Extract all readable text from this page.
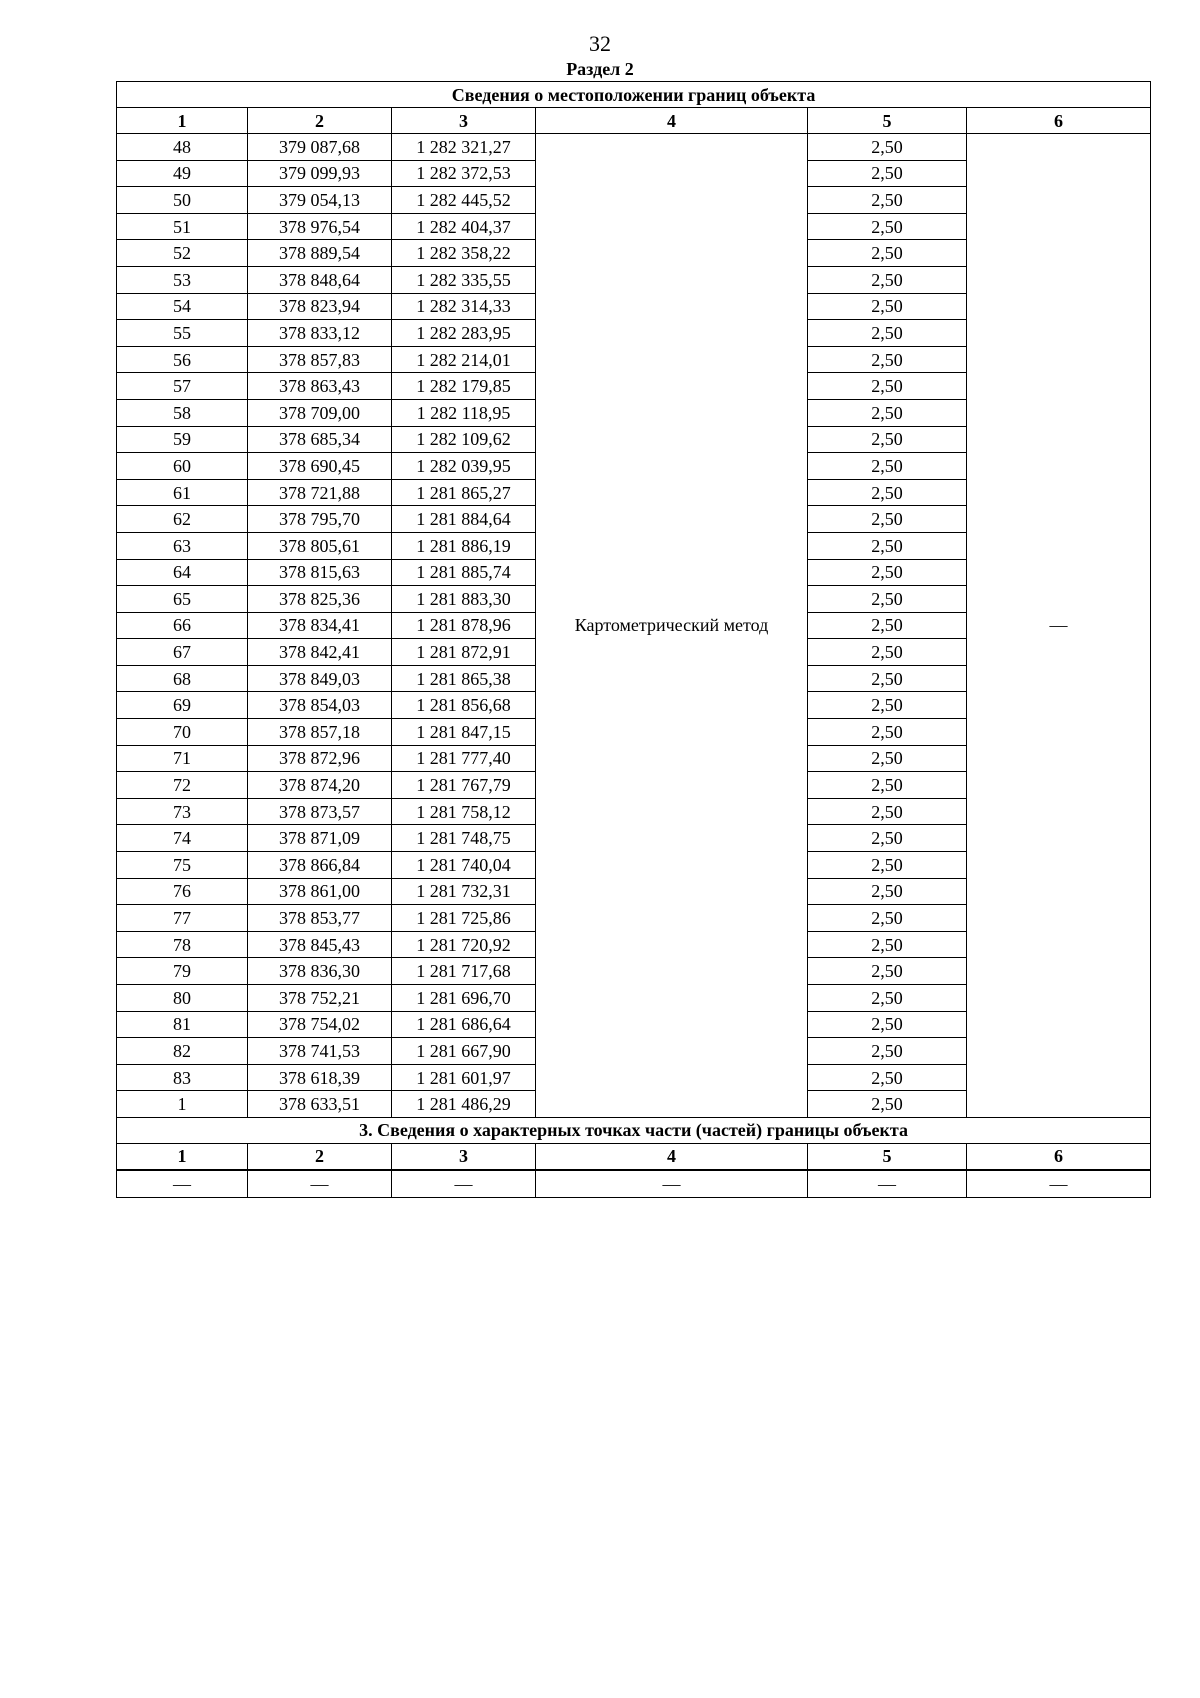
32
Раздел 2
Сведения о местоположении границ объекта					
1	2	3	4	5	6
48	379 087,68	1 282 321,27	Картометрический метод	2,50	—
49	379 099,93	1 282 372,53		2,50	
50	379 054,13	1 282 445,52		2,50	
51	378 976,54	1 282 404,37		2,50	
52	378 889,54	1 282 358,22		2,50	
53	378 848,64	1 282 335,55		2,50	
54	378 823,94	1 282 314,33		2,50	
55	378 833,12	1 282 283,95		2,50	
56	378 857,83	1 282 214,01		2,50	
57	378 863,43	1 282 179,85		2,50	
58	378 709,00	1 282 118,95		2,50	
59	378 685,34	1 282 109,62		2,50	
60	378 690,45	1 282 039,95		2,50	
61	378 721,88	1 281 865,27		2,50	
62	378 795,70	1 281 884,64		2,50	
63	378 805,61	1 281 886,19		2,50	
64	378 815,63	1 281 885,74		2,50	
65	378 825,36	1 281 883,30		2,50	
66	378 834,41	1 281 878,96		2,50	
67	378 842,41	1 281 872,91		2,50	
68	378 849,03	1 281 865,38		2,50	
69	378 854,03	1 281 856,68		2,50	
70	378 857,18	1 281 847,15		2,50	
71	378 872,96	1 281 777,40		2,50	
72	378 874,20	1 281 767,79		2,50	
73	378 873,57	1 281 758,12		2,50	
74	378 871,09	1 281 748,75		2,50	
75	378 866,84	1 281 740,04		2,50	
76	378 861,00	1 281 732,31		2,50	
77	378 853,77	1 281 725,86		2,50	
78	378 845,43	1 281 720,92		2,50	
79	378 836,30	1 281 717,68		2,50	
80	378 752,21	1 281 696,70		2,50	
81	378 754,02	1 281 686,64		2,50	
82	378 741,53	1 281 667,90		2,50	
83	378 618,39	1 281 601,97		2,50	
1	378 633,51	1 281 486,29		2,50	
3. Сведения о характерных точках части (частей) границы объекта					
1	2	3	4	5	6
—	—	—	—	—	—
